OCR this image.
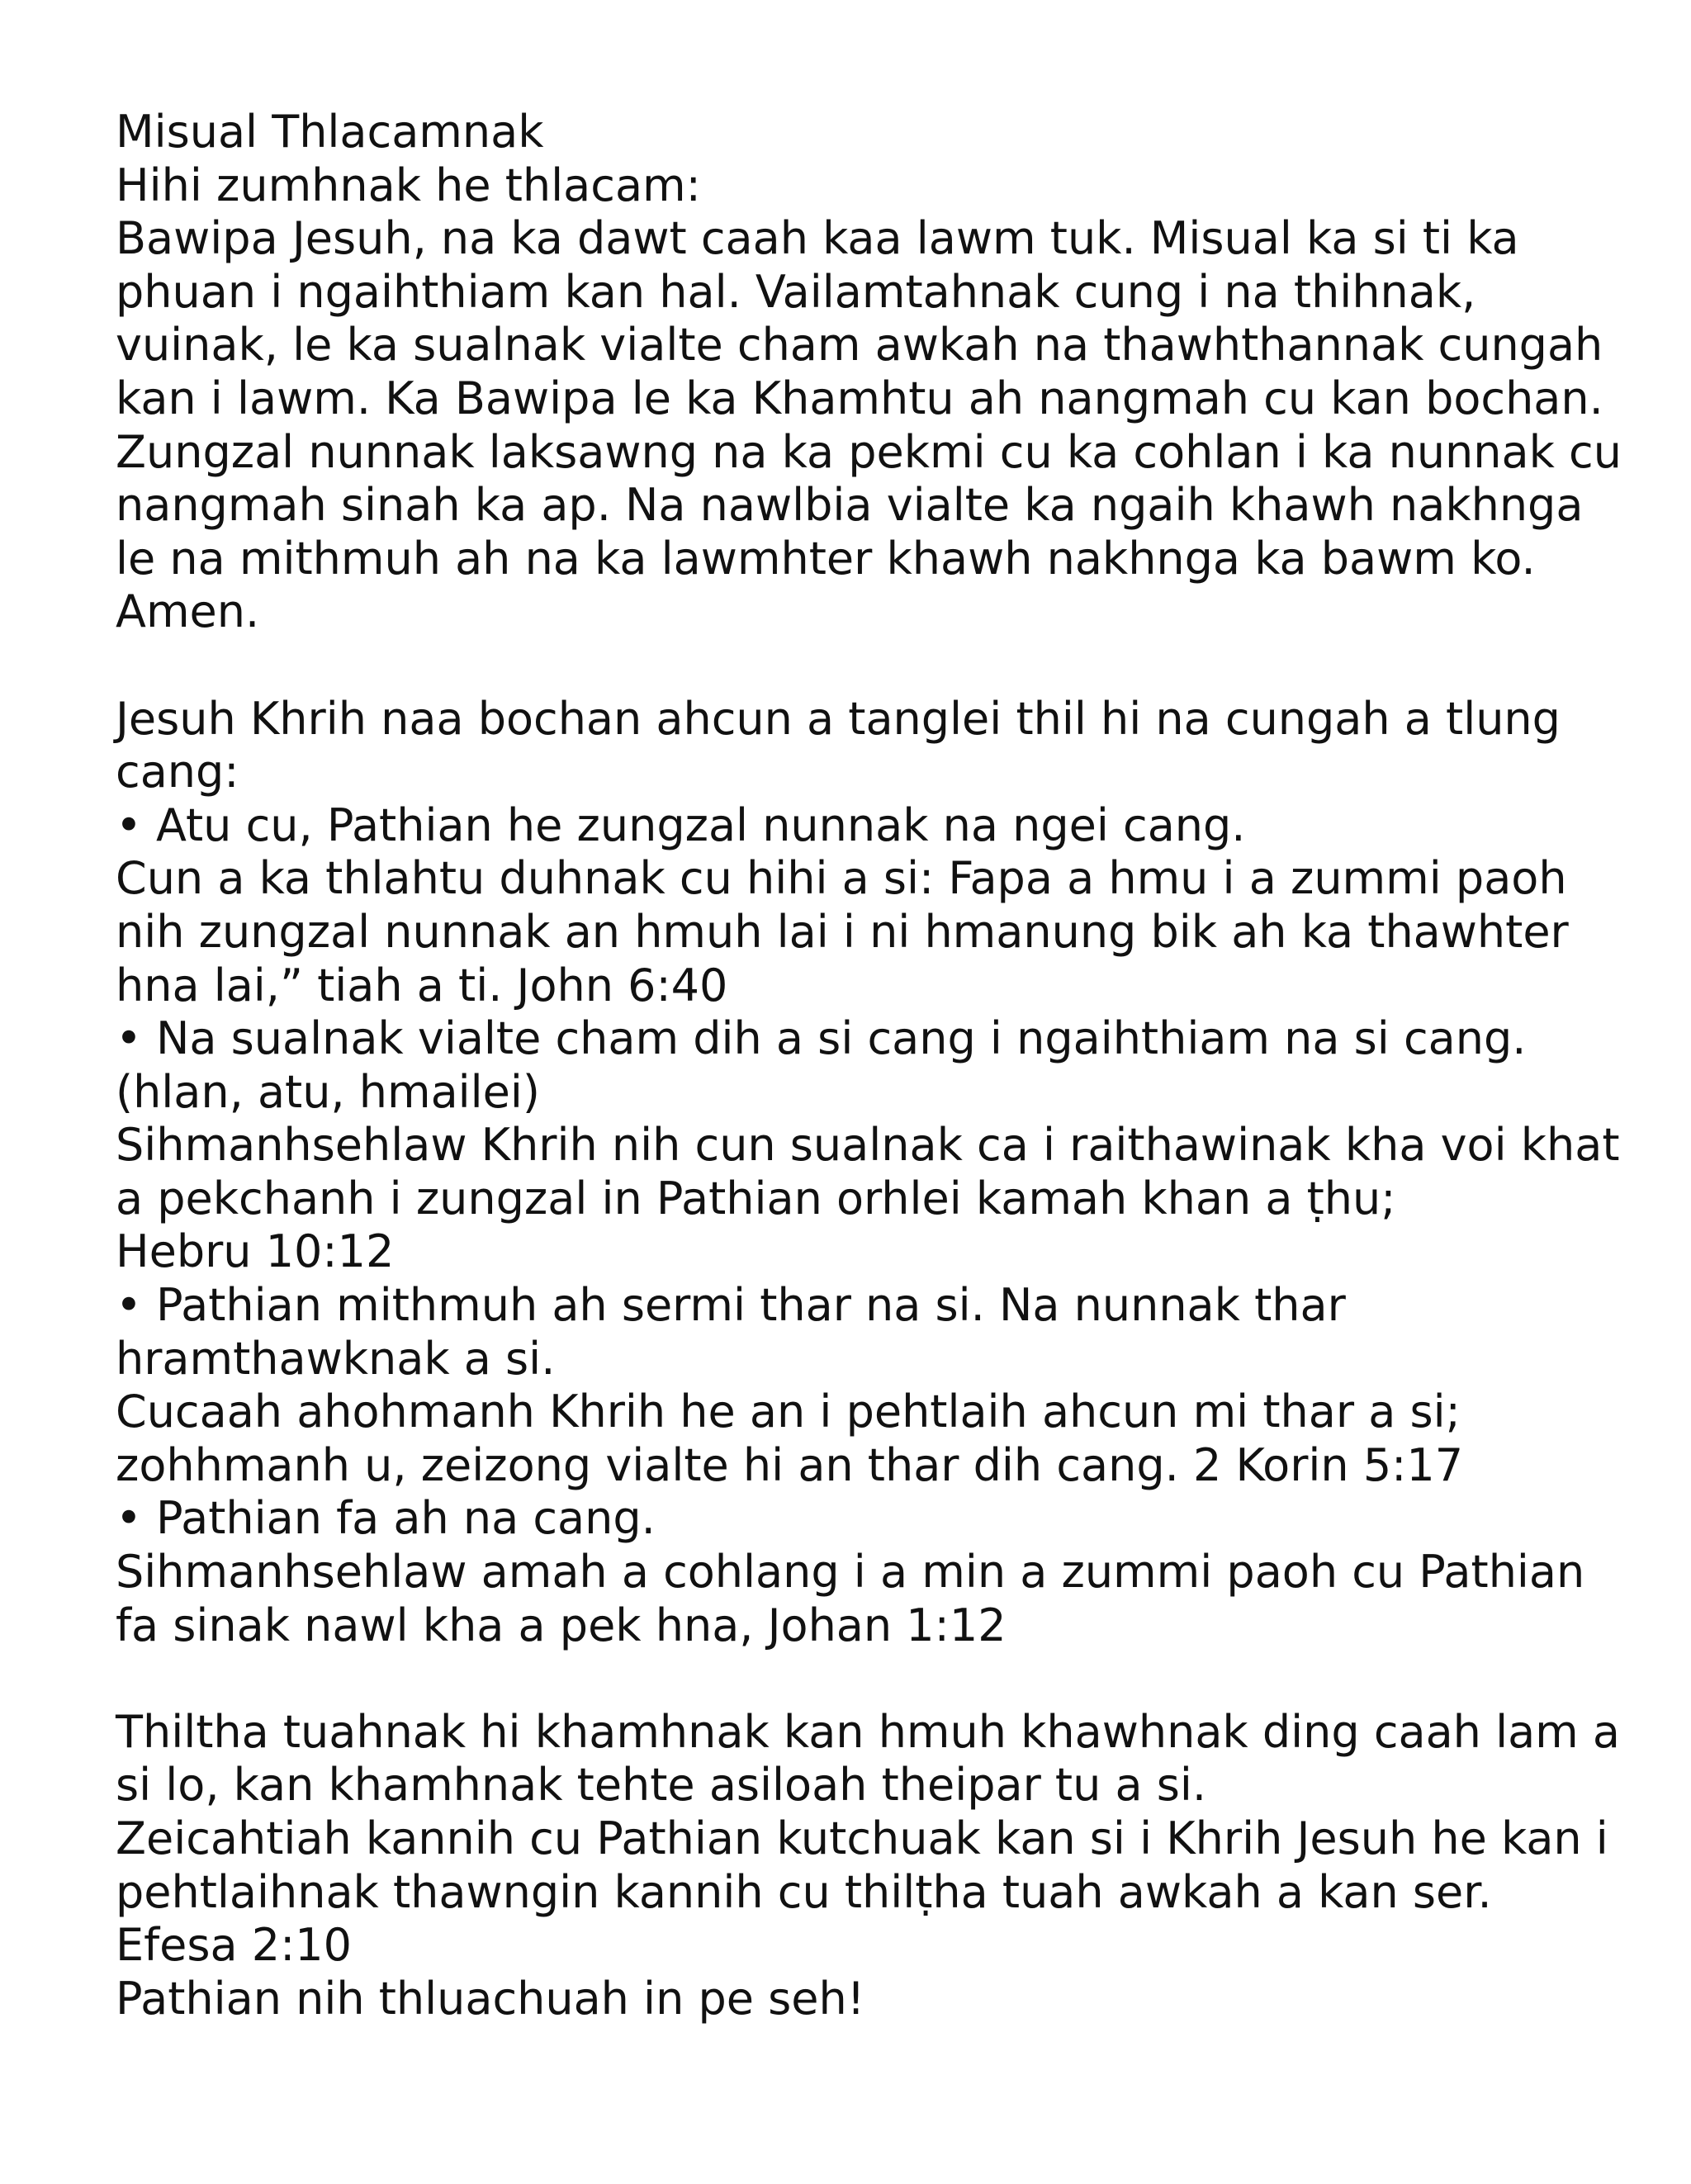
Misual Thlacamnak
Hihi zumhnak he thlacam:
Bawipa Jesuh, na ka dawt caah kaa lawm tuk. Misual ka si ti ka
phuan i ngaihthiam kan hal. Vailamtahnak cung i na thihnak,
vuinak, le ka sualnak vialte cham awkah na thawhthannak cungah
kan i lawm. Ka Bawipa le ka Khamhtu ah nangmah cu kan bochan.
Zungzal nunnak laksawng na ka pekmi cu ka cohlan i ka nunnak cu
nangmah sinah ka ap. Na nawlbia vialte ka ngaih khawh nakhnga
le na mithmuh ah na ka lawmhter khawh nakhnga ka bawm ko.
Amen.
Jesuh Khrih naa bochan ahcun a tanglei thil hi na cungah a tlung
cang:
• Atu cu, Pathian he zungzal nunnak na ngei cang.
Cun a ka thlahtu duhnak cu hihi a si: Fapa a hmu i a zummi paoh
nih zungzal nunnak an hmuh lai i ni hmanung bik ah ka thawhter
hna lai,” tiah a ti. John 6:40
• Na sualnak vialte cham dih a si cang i ngaihthiam na si cang.
(hlan, atu, hmailei)
Sihmanhsehlaw Khrih nih cun sualnak ca i raithawinak kha voi khat
a pekchanh i zungzal in Pathian orhlei kamah khan a ṭhu;
Hebru 10:12
• Pathian mithmuh ah sermi thar na si. Na nunnak thar
hramthawknak a si.
Cucaah ahohmanh Khrih he an i pehtlaih ahcun mi thar a si;
zohhmanh u, zeizong vialte hi an thar dih cang. 2 Korin 5:17
• Pathian fa ah na cang.
Sihmanhsehlaw amah a cohlang i a min a zummi paoh cu Pathian
fa sinak nawl kha a pek hna, Johan 1:12
Thiltha tuahnak hi khamhnak kan hmuh khawhnak ding caah lam a
si lo, kan khamhnak tehte asiloah theipar tu a si.
Zeicahtiah kannih cu Pathian kutchuak kan si i Khrih Jesuh he kan i
pehtlaihnak thawngin kannih cu thilṭha tuah awkah a kan ser.
Efesa 2:10
Pathian nih thluachuah in pe seh!
